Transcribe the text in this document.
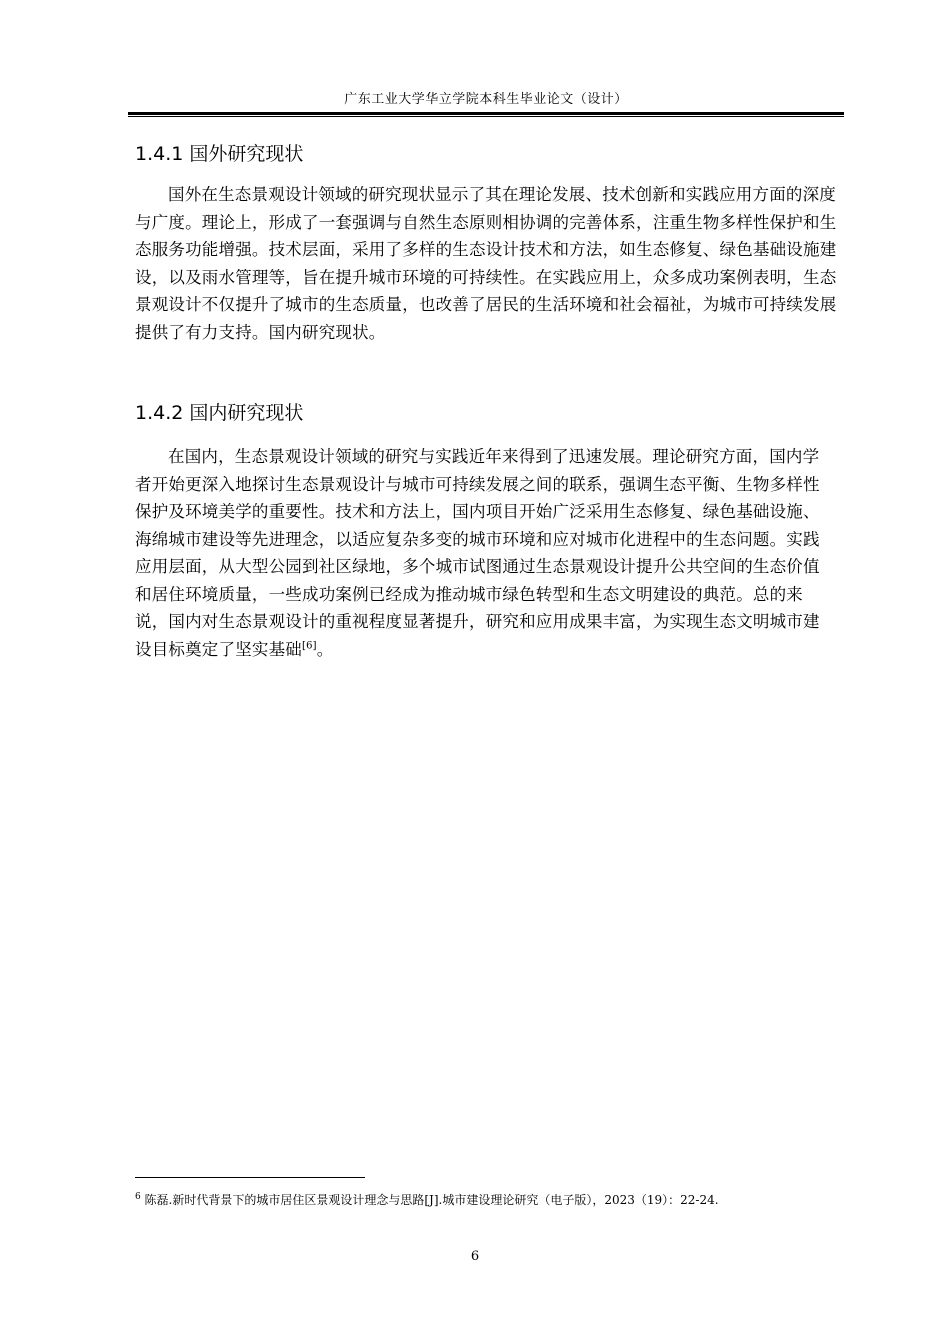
广东工业大学华立学院本科生毕业论文（设计）
1.4.1 国外研究现状

国外在生态景观设计领域的研究现状显示了其在理论发展、技术创新和实践应用方面的深度与广度。理论上，形成了一套强调与自然生态原则相协调的完善体系，注重生物多样性保护和生态服务功能增强。技术层面，采用了多样的生态设计技术和方法，如生态修复、绿色基础设施建设，以及雨水管理等，旨在提升城市环境的可持续性。在实践应用上，众多成功案例表明，生态景观设计不仅提升了城市的生态质量，也改善了居民的生活环境和社会福祉，为城市可持续发展提供了有力支持。国内研究现状。

1.4.2 国内研究现状

在国内，生态景观设计领域的研究与实践近年来得到了迅速发展。理论研究方面，国内学者开始更深入地探讨生态景观设计与城市可持续发展之间的联系，强调生态平衡、生物多样性保护及环境美学的重要性。技术和方法上，国内项目开始广泛采用生态修复、绿色基础设施、海绵城市建设等先进理念，以适应复杂多变的城市环境和应对城市化进程中的生态问题。实践应用层面，从大型公园到社区绿地，多个城市试图通过生态景观设计提升公共空间的生态价值和居住环境质量，一些成功案例已经成为推动城市绿色转型和生态文明建设的典范。总的来说，国内对生态景观设计的重视程度显著提升，研究和应用成果丰富，为实现生态文明城市建设目标奠定了坚实基础[6]。

$^6$ 陈磊.新时代背景下的城市居住区景观设计理念与思路[J].城市建设理论研究（电子版），2023（19）：22-24.
6
